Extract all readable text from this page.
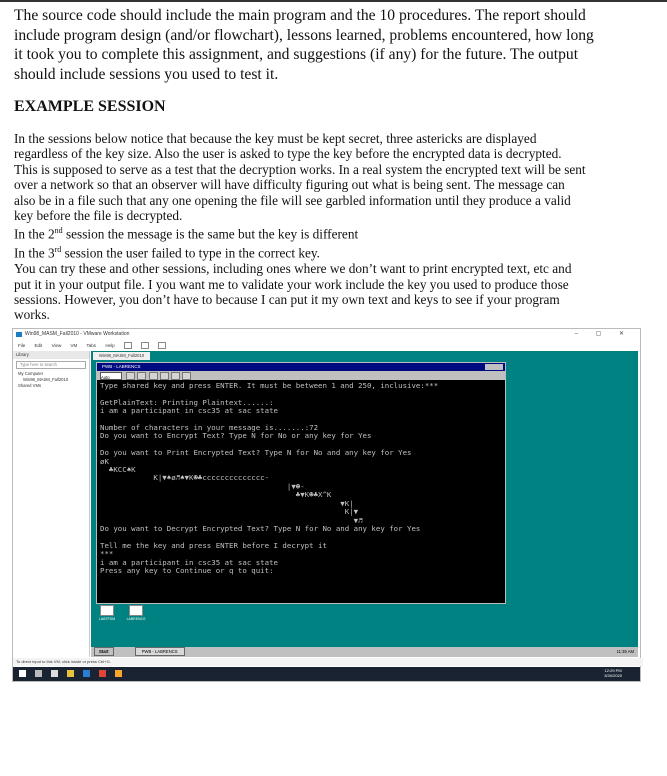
The source code should include the main program and the 10 procedures. The report should include program design (and/or flowchart), lessons learned, problems encountered, how long it took you to complete this assignment, and suggestions (if any) for the future. The output should include sessions you used to test it.
EXAMPLE SESSION
In the sessions below notice that because the key must be kept secret, three astericks are displayed
regardless of the key size. Also the user is asked to type the key before the encrypted data is decrypted.
This is supposed to serve as a test that the decryption works. In a real system the encrypted text will be sent
over a network so that an observer will have difficulty figuring out what is being sent. The message can
also be in a file such that any one opening the file will see garbled information until they produce a valid
key before the file is decrypted.
In the 2nd session the message is the same but the key is different
In the 3rd session the user failed to type in the correct key.
You can try these and other sessions, including ones where we don’t want to print encrypted text, etc and
put it in your output file. I you want me to validate your work include the key you used to produce those
sessions. However, you don’t have to because I can put it my own text and keys to see if your program
works.
Win98_MASM_Fall2010 - VMware Workstation	– ▢ ✕
File Edit View VM Tabs Help
Library
Type here to search
My Computer
Win98_MASM_Fall2010
Shared VMs
Win98_MASM_Fall2010
PWB - LABRENCS
Auto
Type shared key and press ENTER. It must be between 1 and 250, inclusive:***

GetPlainText: Printing Plaintext......:
i am a participant in csc35 at sac state

Number of characters in your message is.......:72
Do you want to Encrypt Text? Type N for No or any key for Yes

Do you want to Print Encrypted Text? Type N for No and any key for Yes
øK
♣KCC♠K
K|▼♠ø♬♠▼K☻♣cccccccccccccc-
|▼☻-
♣▼K☻♣X^K
▼K|
K|▼
▼♬
Do you want to Decrypt Encrypted Text? Type N for No and any key for Yes

Tell me the key and press ENTER before I decrypt it
***
i am a participant in csc35 at sac state
Press any key to Continue or q to quit:
LAB7FDM	LABRENCS
Start	PWB - LABRENCS	11:35 AM
To direct input to this VM, click inside or press Ctrl+G.
12:29 PM
3/30/2020
